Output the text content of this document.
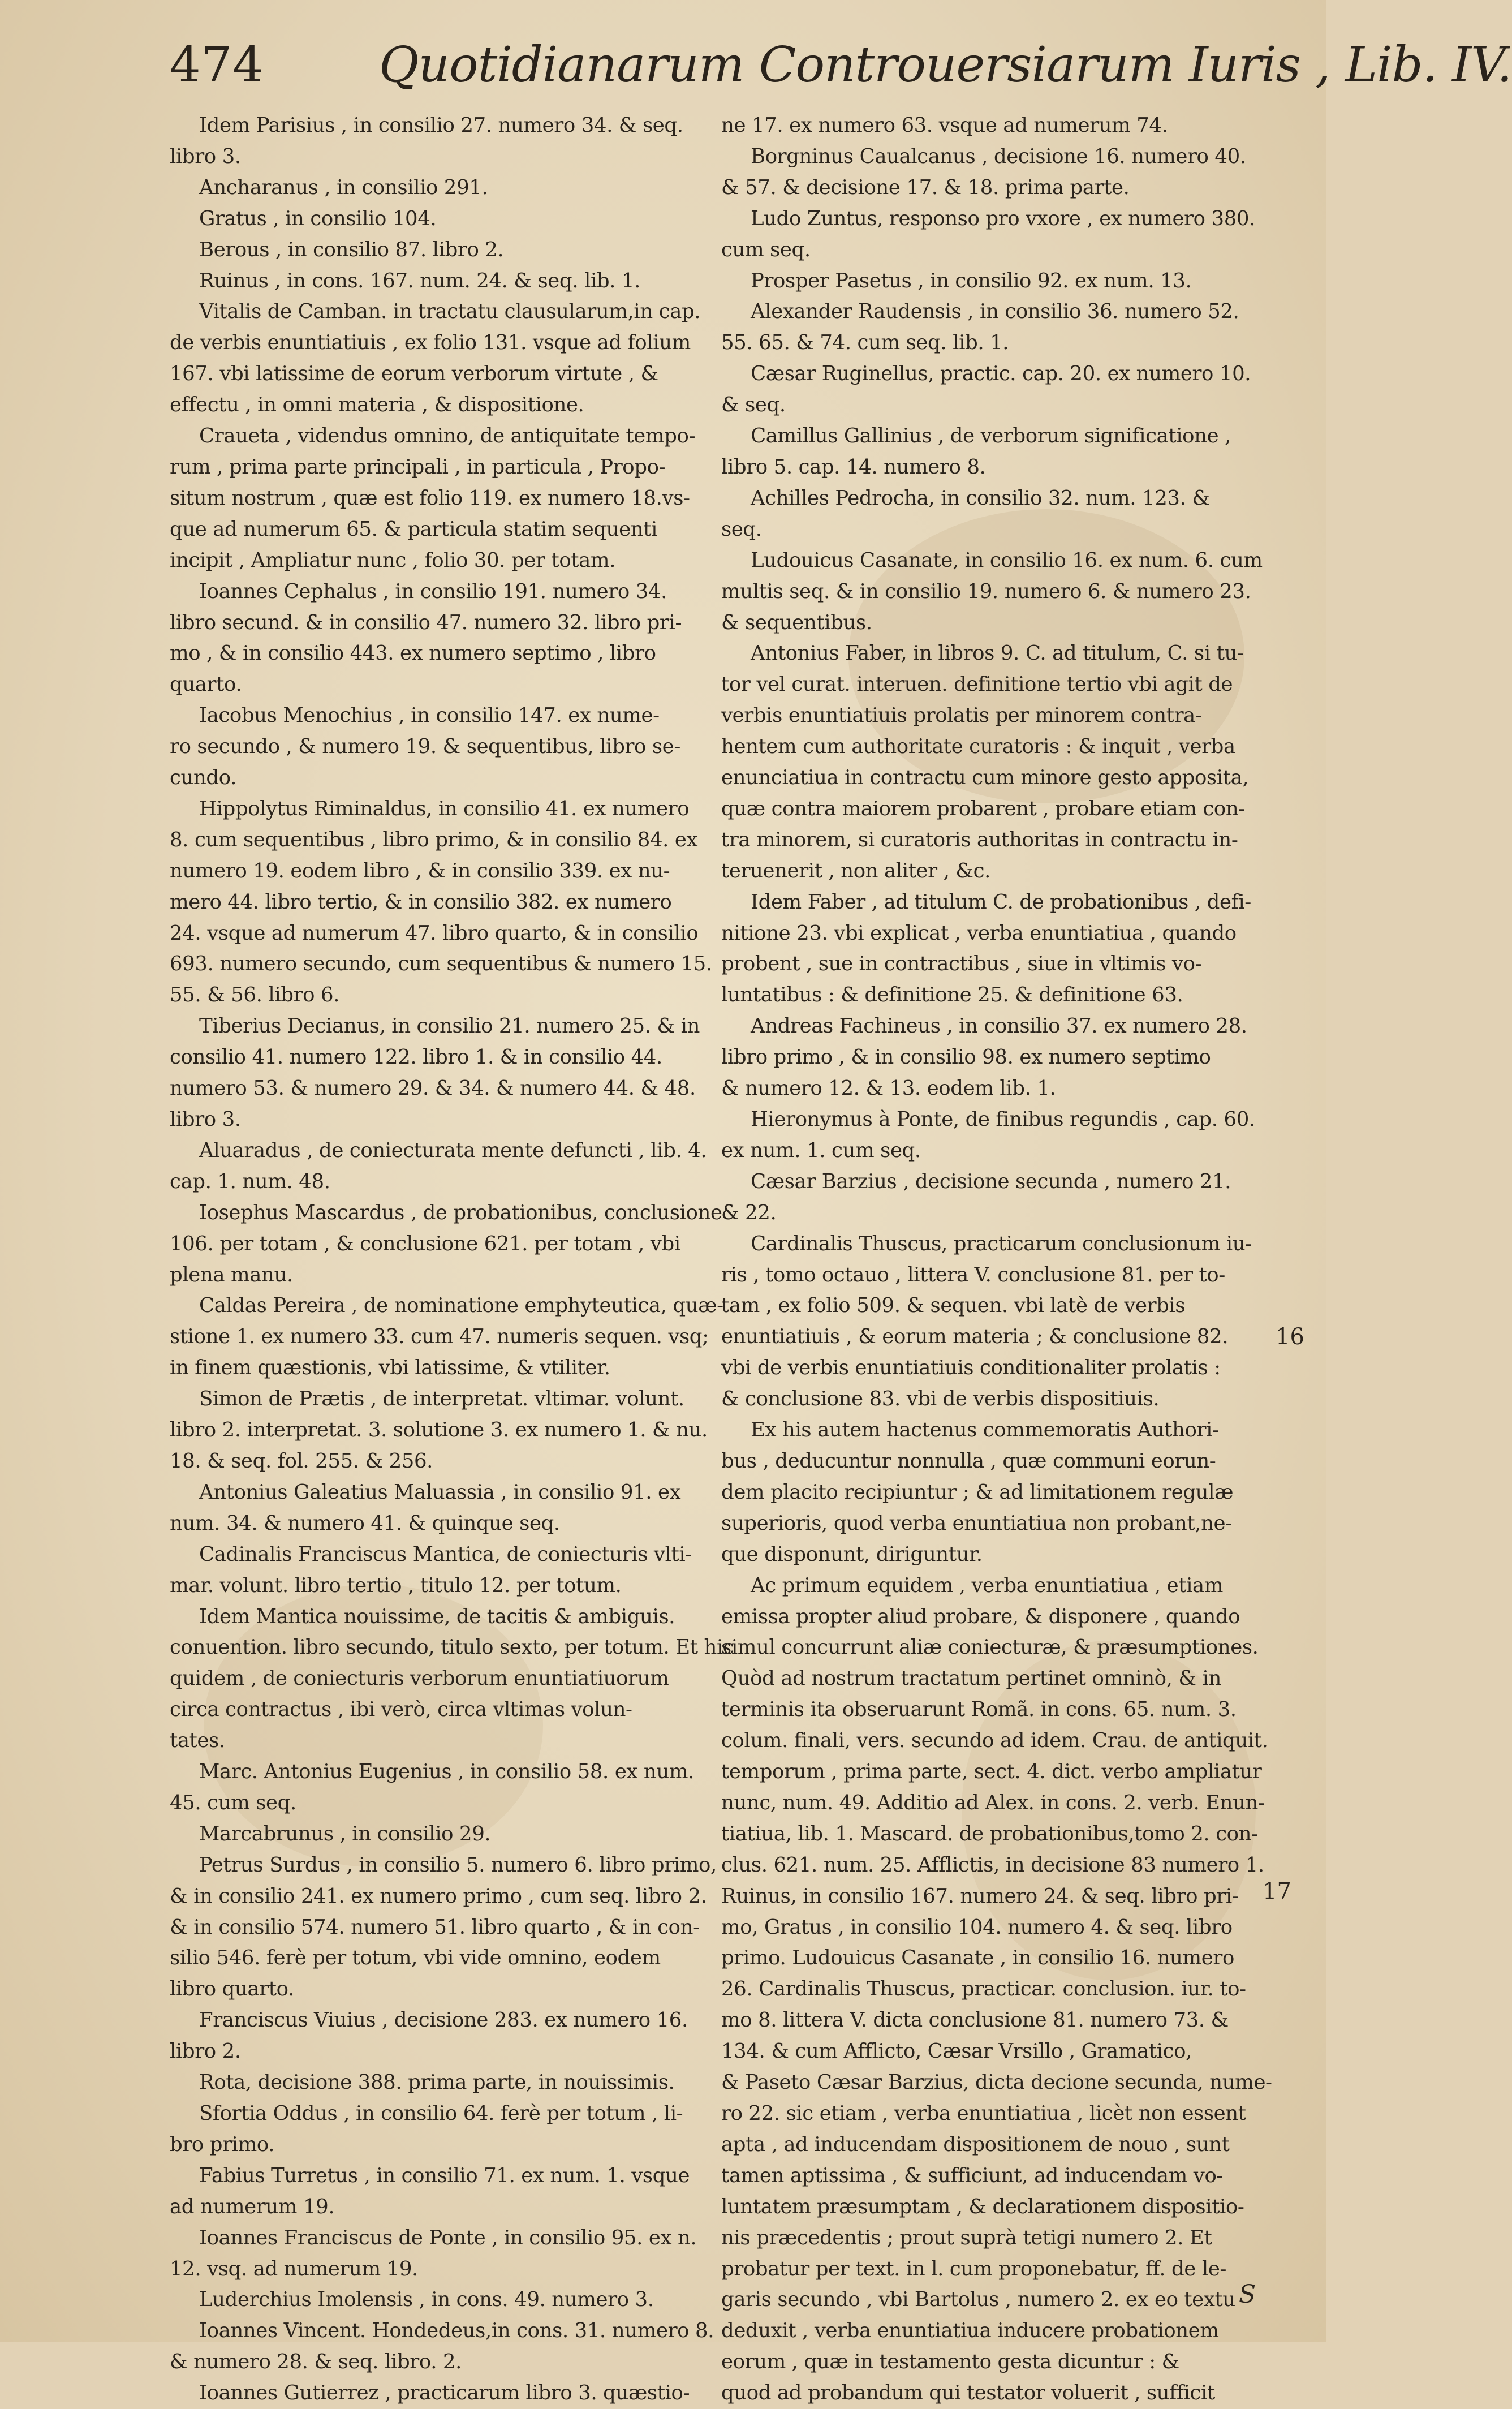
474 Quotidianarum Controuersiarum Iuris , Lib. IV.

Idem Parisius , in consilio 27. numero 34. & seq.

libro 3.

Ancharanus , in consilio 291.

Gratus , in consilio 104.

Berous , in consilio 87. libro 2.

Ruinus , in cons. 167. num. 24. & seq. lib. 1.

Vitalis de Camban. in tractatu clausularum,in cap.

de verbis enuntiatiuis , ex folio 131. vsque ad folium

167. vbi latissime de eorum verborum virtute , &

effectu , in omni materia , & dispositione.

Craueta , videndus omnino, de antiquitate tempo-

rum , prima parte principali , in particula , Propo-

situm nostrum , quæ est folio 119. ex numero 18.vs-

que ad numerum 65. & particula statim sequenti

incipit , Ampliatur nunc , folio 30. per totam.

Ioannes Cephalus , in consilio 191. numero 34.

libro secund. & in consilio 47. numero 32. libro pri-

mo , & in consilio 443. ex numero septimo , libro

quarto.

Iacobus Menochius , in consilio 147. ex nume-

ro secundo , & numero 19. & sequentibus, libro se-

cundo.

Hippolytus Riminaldus, in consilio 41. ex numero

8. cum sequentibus , libro primo, & in consilio 84. ex

numero 19. eodem libro , & in consilio 339. ex nu-

mero 44. libro tertio, & in consilio 382. ex numero

24. vsque ad numerum 47. libro quarto, & in consilio

693. numero secundo, cum sequentibus & numero 15.

55. & 56. libro 6.

Tiberius Decianus, in consilio 21. numero 25. & in

consilio 41. numero 122. libro 1. & in consilio 44.

numero 53. & numero 29. & 34. & numero 44. & 48.

libro 3.

Aluaradus , de coniecturata mente defuncti , lib. 4.

cap. 1. num. 48.

Iosephus Mascardus , de probationibus, conclusione

106. per totam , & conclusione 621. per totam , vbi

plena manu.

Caldas Pereira , de nominatione emphyteutica, quæ-

stione 1. ex numero 33. cum 47. numeris sequen. vsq;

in finem quæstionis, vbi latissime, & vtiliter.

Simon de Prætis , de interpretat. vltimar. volunt.

libro 2. interpretat. 3. solutione 3. ex numero 1. & nu.

18. & seq. fol. 255. & 256.

Antonius Galeatius Maluassia , in consilio 91. ex

num. 34. & numero 41. & quinque seq.

Cadinalis Franciscus Mantica, de coniecturis vlti-

mar. volunt. libro tertio , titulo 12. per totum.

Idem Mantica nouissime, de tacitis & ambiguis.

conuention. libro secundo, titulo sexto, per totum. Et hic

quidem , de coniecturis verborum enuntiatiuorum

circa contractus , ibi verò, circa vltimas volun-

tates.

Marc. Antonius Eugenius , in consilio 58. ex num.

45. cum seq.

Marcabrunus , in consilio 29.

Petrus Surdus , in consilio 5. numero 6. libro primo,

& in consilio 241. ex numero primo , cum seq. libro 2.

& in consilio 574. numero 51. libro quarto , & in con-

silio 546. ferè per totum, vbi vide omnino, eodem

libro quarto.

Franciscus Viuius , decisione 283. ex numero 16.

libro 2.

Rota, decisione 388. prima parte, in nouissimis.

Sfortia Oddus , in consilio 64. ferè per totum , li-

bro primo.

Fabius Turretus , in consilio 71. ex num. 1. vsque

ad numerum 19.

Ioannes Franciscus de Ponte , in consilio 95. ex n.

12. vsq. ad numerum 19.

Luderchius Imolensis , in cons. 49. numero 3.

Ioannes Vincent. Hondedeus,in cons. 31. numero 8.

& numero 28. & seq. libro. 2.

Ioannes Gutierrez , practicarum libro 3. quæstio-

ne 17. ex numero 63. vsque ad numerum 74.

Borgninus Caualcanus , decisione 16. numero 40.

& 57. & decisione 17. & 18. prima parte.

Ludo Zuntus, responso pro vxore , ex numero 380.

cum seq.

Prosper Pasetus , in consilio 92. ex num. 13.

Alexander Raudensis , in consilio 36. numero 52.

55. 65. & 74. cum seq. lib. 1.

Cæsar Ruginellus, practic. cap. 20. ex numero 10.

& seq.

Camillus Gallinius , de verborum significatione ,

libro 5. cap. 14. numero 8.

Achilles Pedrocha, in consilio 32. num. 123. &

seq.

Ludouicus Casanate, in consilio 16. ex num. 6. cum

multis seq. & in consilio 19. numero 6. & numero 23.

& sequentibus.

Antonius Faber, in libros 9. C. ad titulum, C. si tu-

tor vel curat. interuen. definitione tertio vbi agit de

verbis enuntiatiuis prolatis per minorem contra-

hentem cum authoritate curatoris : & inquit , verba

enunciatiua in contractu cum minore gesto apposita,

quæ contra maiorem probarent , probare etiam con-

tra minorem, si curatoris authoritas in contractu in-

teruenerit , non aliter , &c.

Idem Faber , ad titulum C. de probationibus , defi-

nitione 23. vbi explicat , verba enuntiatiua , quando

probent , sue in contractibus , siue in vltimis vo-

luntatibus : & definitione 25. & definitione 63.

Andreas Fachineus , in consilio 37. ex numero 28.

libro primo , & in consilio 98. ex numero septimo

& numero 12. & 13. eodem lib. 1.

Hieronymus à Ponte, de finibus regundis , cap. 60.

ex num. 1. cum seq.

Cæsar Barzius , decisione secunda , numero 21.

& 22.

Cardinalis Thuscus, practicarum conclusionum iu-

ris , tomo octauo , littera V. conclusione 81. per to-

tam , ex folio 509. & sequen. vbi latè de verbis

enuntiatiuis , & eorum materia ; & conclusione 82.

vbi de verbis enuntiatiuis conditionaliter prolatis :

& conclusione 83. vbi de verbis dispositiuis.

Ex his autem hactenus commemoratis Authori-

bus , deducuntur nonnulla , quæ communi eorun-

dem placito recipiuntur ; & ad limitationem regulæ

superioris, quod verba enuntiatiua non probant,ne-

que disponunt, diriguntur.

Ac primum equidem , verba enuntiatiua , etiam

emissa propter aliud probare, & disponere , quando

simul concurrunt aliæ coniecturæ, & præsumptiones.

Quòd ad nostrum tractatum pertinet omninò, & in

terminis ita obseruarunt Romã. in cons. 65. num. 3.

colum. finali, vers. secundo ad idem. Crau. de antiquit.

temporum , prima parte, sect. 4. dict. verbo ampliatur

nunc, num. 49. Additio ad Alex. in cons. 2. verb. Enun-

tiatiua, lib. 1. Mascard. de probationibus,tomo 2. con-

clus. 621. num. 25. Afflictis, in decisione 83 numero 1.

Ruinus, in consilio 167. numero 24. & seq. libro pri-

mo, Gratus , in consilio 104. numero 4. & seq. libro

primo. Ludouicus Casanate , in consilio 16. numero

26. Cardinalis Thuscus, practicar. conclusion. iur. to-

mo 8. littera V. dicta conclusione 81. numero 73. &

134. & cum Afflicto, Cæsar Vrsillo , Gramatico,

& Paseto Cæsar Barzius, dicta decione secunda, nume-

ro 22. sic etiam , verba enuntiatiua , licèt non essent

apta , ad inducendam dispositionem de nouo , sunt

tamen aptissima , & sufficiunt, ad inducendam vo-

luntatem præsumptam , & declarationem dispositio-

nis præcedentis ; prout suprà tetigi numero 2. Et

probatur per text. in l. cum proponebatur, ff. de le-

garis secundo , vbi Bartolus , numero 2. ex eo textu

deduxit , verba enuntiatiua inducere probationem

eorum , quæ in testamento gesta dicuntur : &

quod ad probandum qui testator voluerit , sufficit

16
17
S
